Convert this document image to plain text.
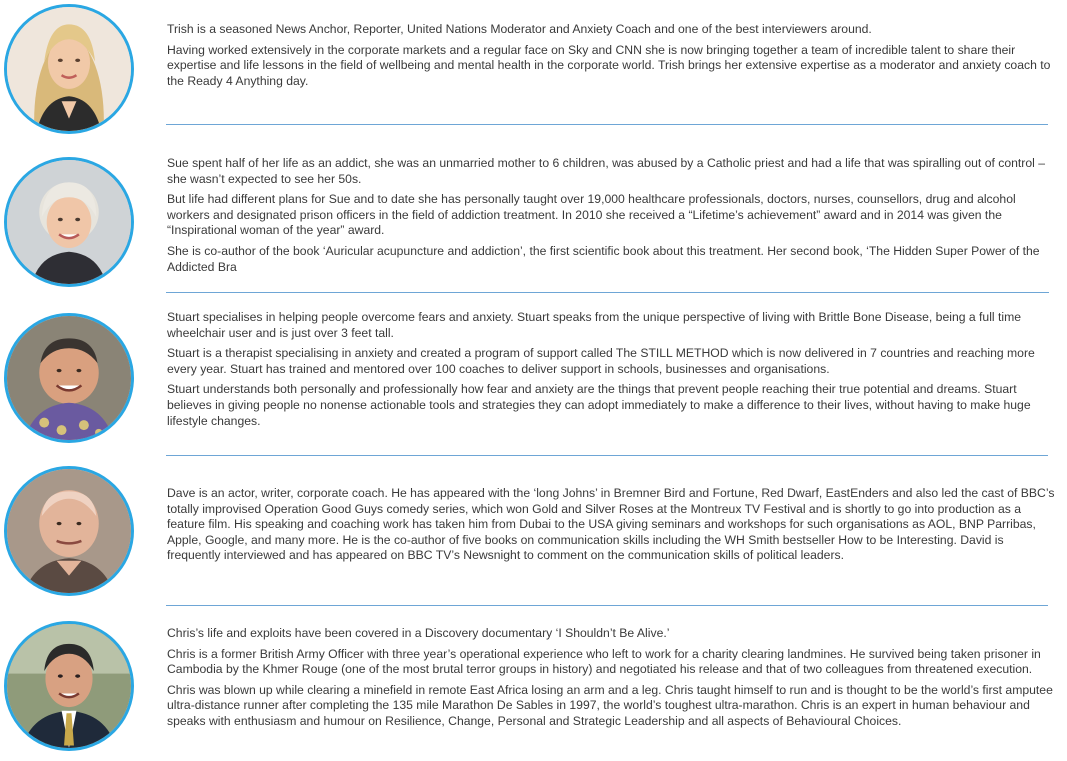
Trish is a seasoned News Anchor, Reporter, United Nations Moderator and Anxiety Coach and one of the best interviewers around.

Having worked extensively in the corporate markets and a regular face on Sky and CNN she is now bringing together a team of incredible talent to share their expertise and life lessons in the field of wellbeing and mental health in the corporate world. Trish brings her extensive expertise as a moderator and anxiety coach to the Ready 4 Anything day.

Sue spent half of her life as an addict, she was an unmarried mother to 6 children, was abused by a Catholic priest and had a life that was spiralling out of control – she wasn’t expected to see her 50s.

But life had different plans for Sue and to date she has personally taught over 19,000 healthcare professionals, doctors, nurses, counsellors, drug and alcohol workers and designated prison officers in the field of addiction treatment. In 2010 she received a “Lifetime’s achievement” award and in 2014 was given the “Inspirational woman of the year” award.

She is co-author of the book ‘Auricular acupuncture and addiction’, the first scientific book about this treatment. Her second book, ‘The Hidden Super Power of the Addicted Bra

Stuart specialises in helping people overcome fears and anxiety. Stuart speaks from the unique perspective of living with Brittle Bone Disease, being a full time wheelchair user and is just over 3 feet tall.

Stuart is a therapist specialising in anxiety and created a program of support called The STILL METHOD which is now delivered in 7 countries and reaching more every year. Stuart has trained and mentored over 100 coaches to deliver support in schools, businesses and organisations.

Stuart understands both personally and professionally how fear and anxiety are the things that prevent people reaching their true potential and dreams. Stuart believes in giving people no nonense actionable tools and strategies they can adopt immediately to make a difference to their lives, without having to make huge lifestyle changes.

Dave is an actor, writer, corporate coach. He has appeared with the ‘long Johns’ in Bremner Bird and Fortune, Red Dwarf, EastEnders and also led the cast of BBC’s totally improvised Operation Good Guys comedy series, which won Gold and Silver Roses at the Montreux TV Festival and is shortly to go into production as a feature film. His speaking and coaching work has taken him from Dubai to the USA giving seminars and workshops for such organisations as AOL, BNP Parribas, Apple, Google, and many more. He is the co-author of five books on communication skills including the WH Smith bestseller How to be Interesting. David is frequently interviewed and has appeared on BBC TV’s Newsnight to comment on the communication skills of political leaders.

Chris’s life and exploits have been covered in a Discovery documentary ‘I Shouldn’t Be Alive.’

Chris is a former British Army Officer with three year’s operational experience who left to work for a charity clearing landmines. He survived being taken prisoner in Cambodia by the Khmer Rouge (one of the most brutal terror groups in history) and negotiated his release and that of two colleagues from threatened execution.

Chris was blown up while clearing a minefield in remote East Africa losing an arm and a leg. Chris taught himself to run and is thought to be the world’s first amputee ultra-distance runner after completing the 135 mile Marathon De Sables in 1997, the world’s toughest ultra-marathon. Chris is an expert in human behaviour and speaks with enthusiasm and humour on Resilience, Change, Personal and Strategic Leadership and all aspects of Behavioural Choices.
